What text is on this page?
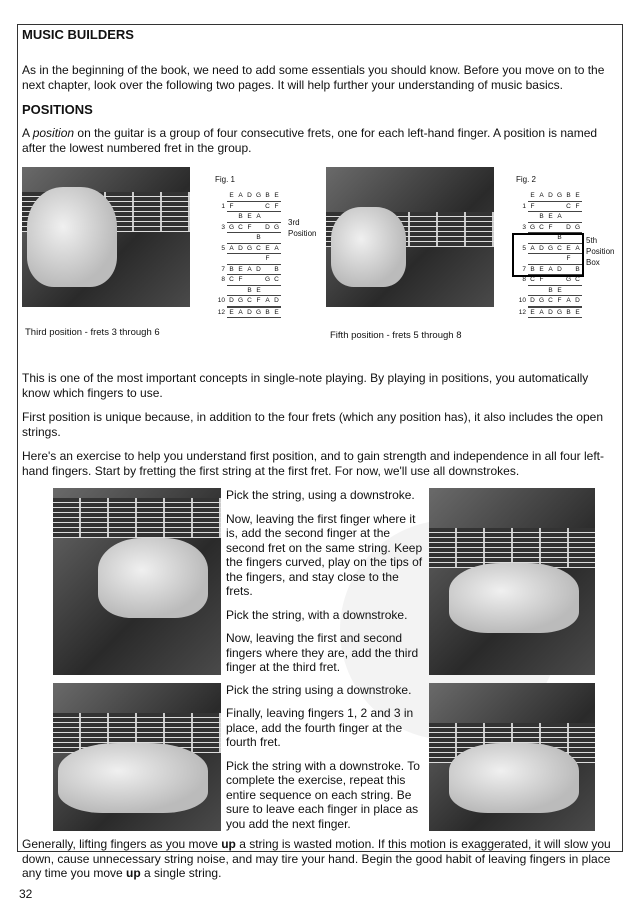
MUSIC BUILDERS
As in the beginning of the book, we need to add some essentials you should know. Before you move on to the next chapter, look over the following two pages. It will help further your understanding of music basics.
POSITIONS
A position on the guitar is a group of four consecutive frets, one for each left-hand finger. A position is named after the lowest numbered fret in the group.
Fig. 1
E A D G B E
1 F	C F
B E A
3 G C F	D G
B
5 A D G C E A
F
7 B E A D	B
8 C F	G C
B E
10 D G C F A D
12 E A D G B E
3rd
Position
Third position - frets 3 through 6
Fig. 2
E A D G B E
1 F	C F
B E A
3 G C F	D G
B
5 A D G C E A
F
7 B E A D	B
8 C F	G C
B E
10 D G C F A D
12 E A D G B E
5th
Position
Box
Fifth position - frets 5 through 8
This is one of the most important concepts in single-note playing. By playing in positions, you automatically know which fingers to use.
First position is unique because, in addition to the four frets (which any position has), it also includes the open strings.
Here's an exercise to help you understand first position, and to gain strength and independence in all four left-hand fingers. Start by fretting the first string at the first fret. For now, we'll use all downstrokes.
Pick the string, using a downstroke.
Now, leaving the first finger where it is, add the second finger at the second fret on the same string. Keep the fingers curved, play on the tips of the fingers, and stay close to the frets.
Pick the string, with a downstroke.
Now, leaving the first and second fingers where they are, add the third finger at the third fret.
Pick the string using a downstroke.
Finally, leaving fingers 1, 2 and 3 in place, add the fourth finger at the fourth fret.
Pick the string with a downstroke. To complete the exercise, repeat this entire sequence on each string. Be sure to leave each finger in place as you add the next finger.
Generally, lifting fingers as you move up a string is wasted motion. If this motion is exaggerated, it will slow you down, cause unnecessary string noise, and may tire your hand. Begin the good habit of leaving fingers in place any time you move up a single string.
32
